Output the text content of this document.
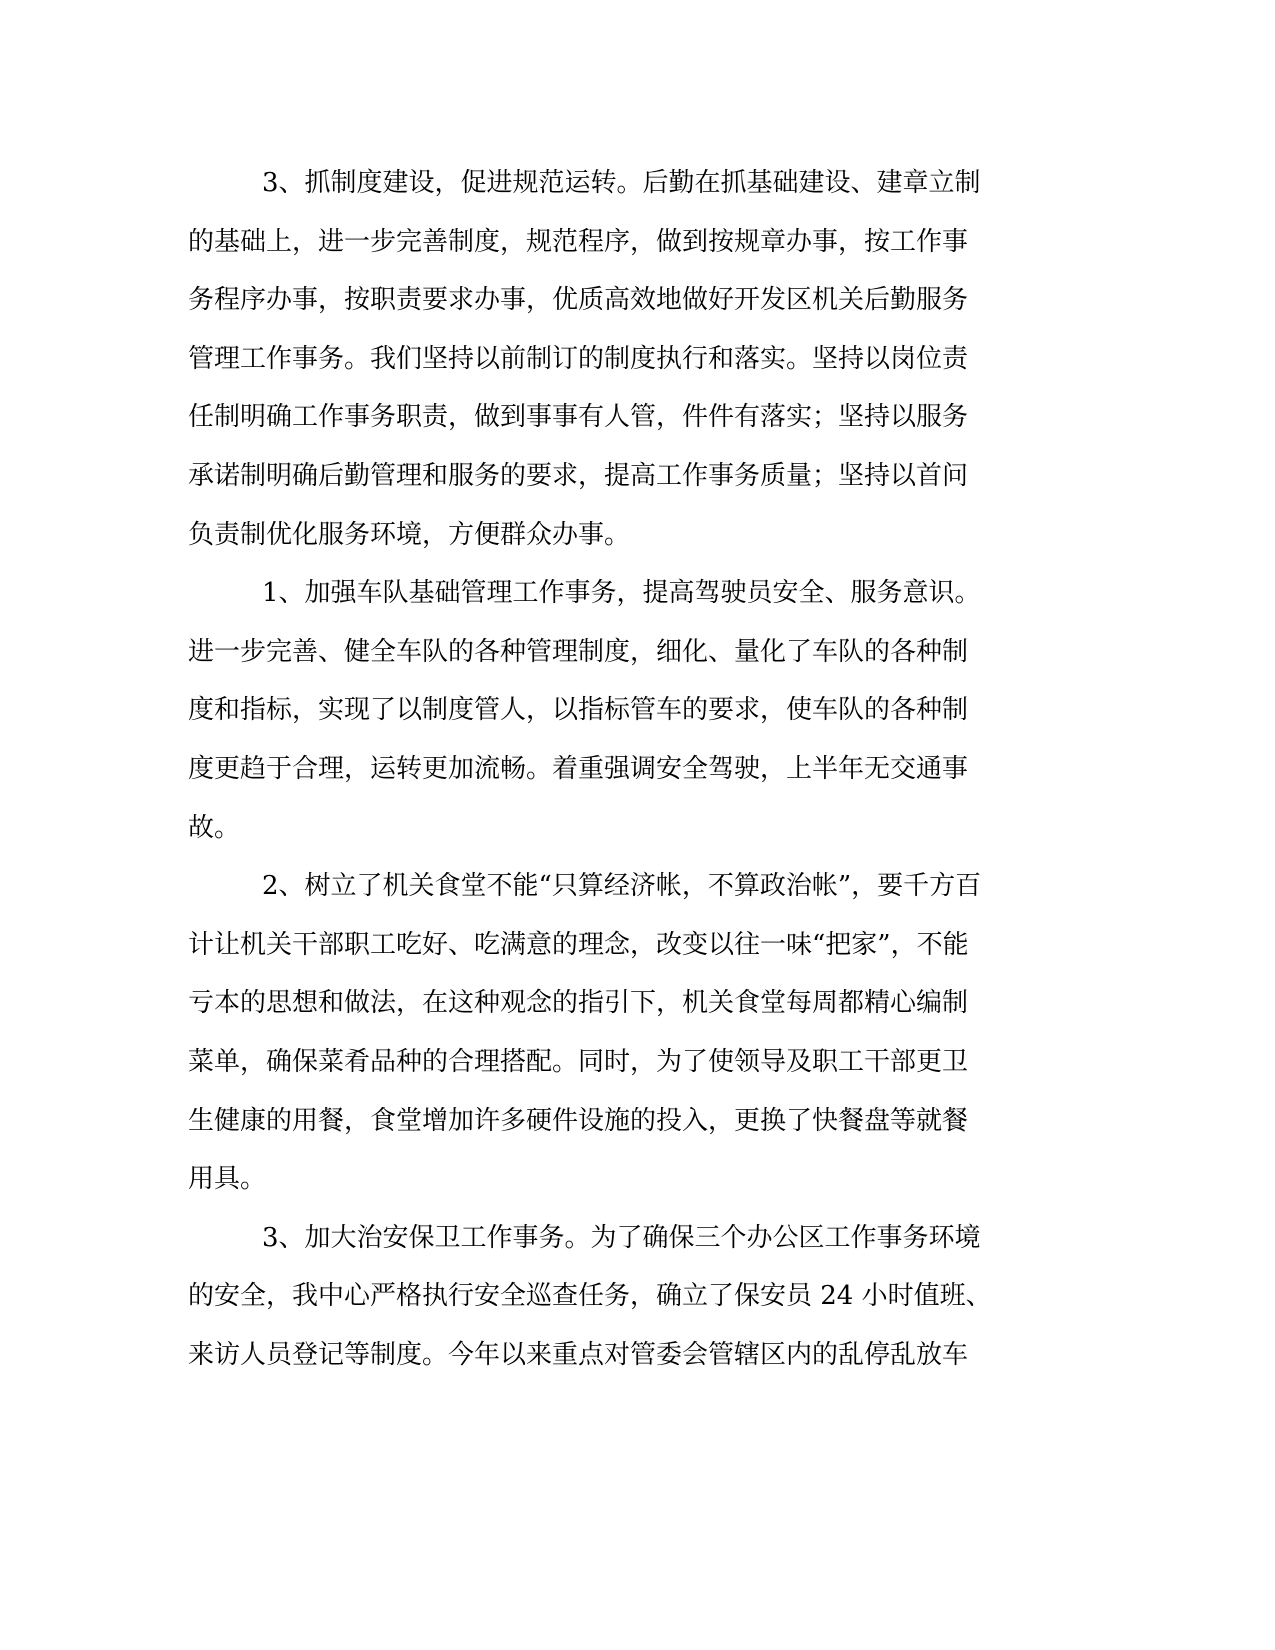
3、抓制度建设，促进规范运转。后勤在抓基础建设、建章立制
的基础上，进一步完善制度，规范程序，做到按规章办事，按工作事
务程序办事，按职责要求办事，优质高效地做好开发区机关后勤服务
管理工作事务。我们坚持以前制订的制度执行和落实。坚持以岗位责
任制明确工作事务职责，做到事事有人管，件件有落实；坚持以服务
承诺制明确后勤管理和服务的要求，提高工作事务质量；坚持以首问
负责制优化服务环境，方便群众办事。
1、加强车队基础管理工作事务，提高驾驶员安全、服务意识。
进一步完善、健全车队的各种管理制度，细化、量化了车队的各种制
度和指标，实现了以制度管人，以指标管车的要求，使车队的各种制
度更趋于合理，运转更加流畅。着重强调安全驾驶，上半年无交通事
故。
2、树立了机关食堂不能“只算经济帐，不算政治帐”，要千方百
计让机关干部职工吃好、吃满意的理念，改变以往一味“把家”，不能
亏本的思想和做法，在这种观念的指引下，机关食堂每周都精心编制
菜单，确保菜肴品种的合理搭配。同时，为了使领导及职工干部更卫
生健康的用餐，食堂增加许多硬件设施的投入，更换了快餐盘等就餐
用具。
3、加大治安保卫工作事务。为了确保三个办公区工作事务环境
的安全，我中心严格执行安全巡查任务，确立了保安员 24 小时值班、
来访人员登记等制度。今年以来重点对管委会管辖区内的乱停乱放车
